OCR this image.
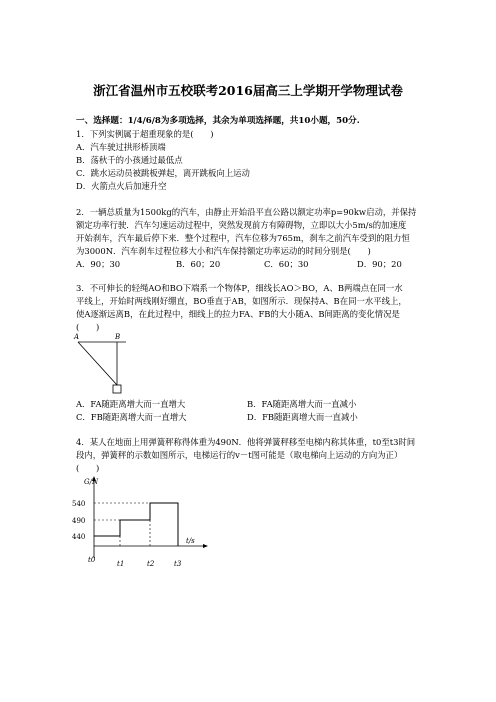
浙江省温州市五校联考2016届高三上学期开学物理试卷
一、选择题：1/4/6/8为多项选择，其余为单项选择题，共10小题，50分.
1．下列实例属于超重现象的是(　　)
A．汽车驶过拱形桥顶端
B．荡秋千的小孩通过最低点
C．跳水运动员被跳板弹起，离开跳板向上运动
D．火箭点火后加速升空
2．一辆总质量为1500kg的汽车，由静止开始沿平直公路以额定功率p=90kw启动，并保持
额定功率行驶．汽车匀速运动过程中，突然发现前方有障碍物，立即以大小5m/s的加速度
开始刹车，汽车最后停下来．整个过程中，汽车位移为765m，刹车之前汽车受到的阻力恒
为3000N．汽车刹车过程位移大小和汽车保持额定功率运动的时间分别是(　　)
A．90；30	B．60；20	C．60；30	D．90；20
3．不可伸长的轻绳AO和BO下端系一个物体P，细线长AO＞BO，A、B两端点在同一水
平线上，开始时两线刚好绷直，BO垂直于AB，如图所示．现保持A、B在同一水平线上，
使A逐渐远离B，在此过程中，细线上的拉力FA、FB的大小随A、B间距离的变化情况是
(　　)
A	B
A．FA随距离增大而一直增大	B．FA随距离增大而一直减小
C．FB随距离增大而一直增大	D．FB随距离增大而一直减小
4．某人在地面上用弹簧秤称得体重为490N．他将弹簧秤移至电梯内称其体重，t0至t3时间
段内，弹簧秤的示数如图所示，电梯运行的v－t图可能是（取电梯向上运动的方向为正）
(　　)
G/N
t/s
540
490
440
t0	t1	t2	t3
